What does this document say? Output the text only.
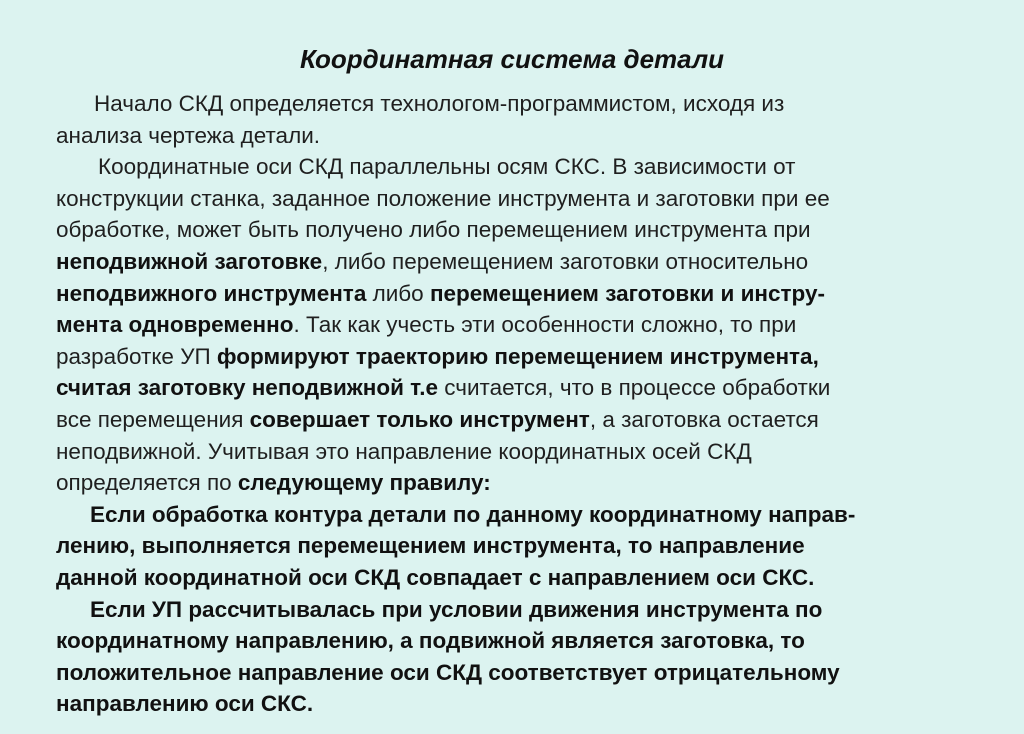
Координатная система детали
Начало СКД определяется технологом-программистом, исходя из
анализа чертежа детали.
Координатные оси СКД параллельны осям СКС. В зависимости от
конструкции станка, заданное положение инструмента и заготовки при ее
обработке, может быть получено либо перемещением инструмента при
неподвижной заготовке, либо перемещением заготовки относительно
неподвижного инструмента либо перемещением заготовки и инстру-
мента одновременно. Так как учесть эти особенности сложно, то при
разработке УП формируют траекторию перемещением инструмента,
считая заготовку неподвижной т.е считается, что в процессе обработки
все перемещения совершает только инструмент, а заготовка остается
неподвижной. Учитывая это направление координатных осей СКД
определяется по следующему правилу:
Если обработка контура детали по данному координатному направ-
лению, выполняется перемещением инструмента, то направление
данной координатной оси СКД совпадает с направлением оси СКС.
Если УП рассчитывалась при условии движения инструмента по
координатному направлению, а подвижной является заготовка, то
положительное направление оси СКД соответствует отрицательному
направлению оси СКС.
